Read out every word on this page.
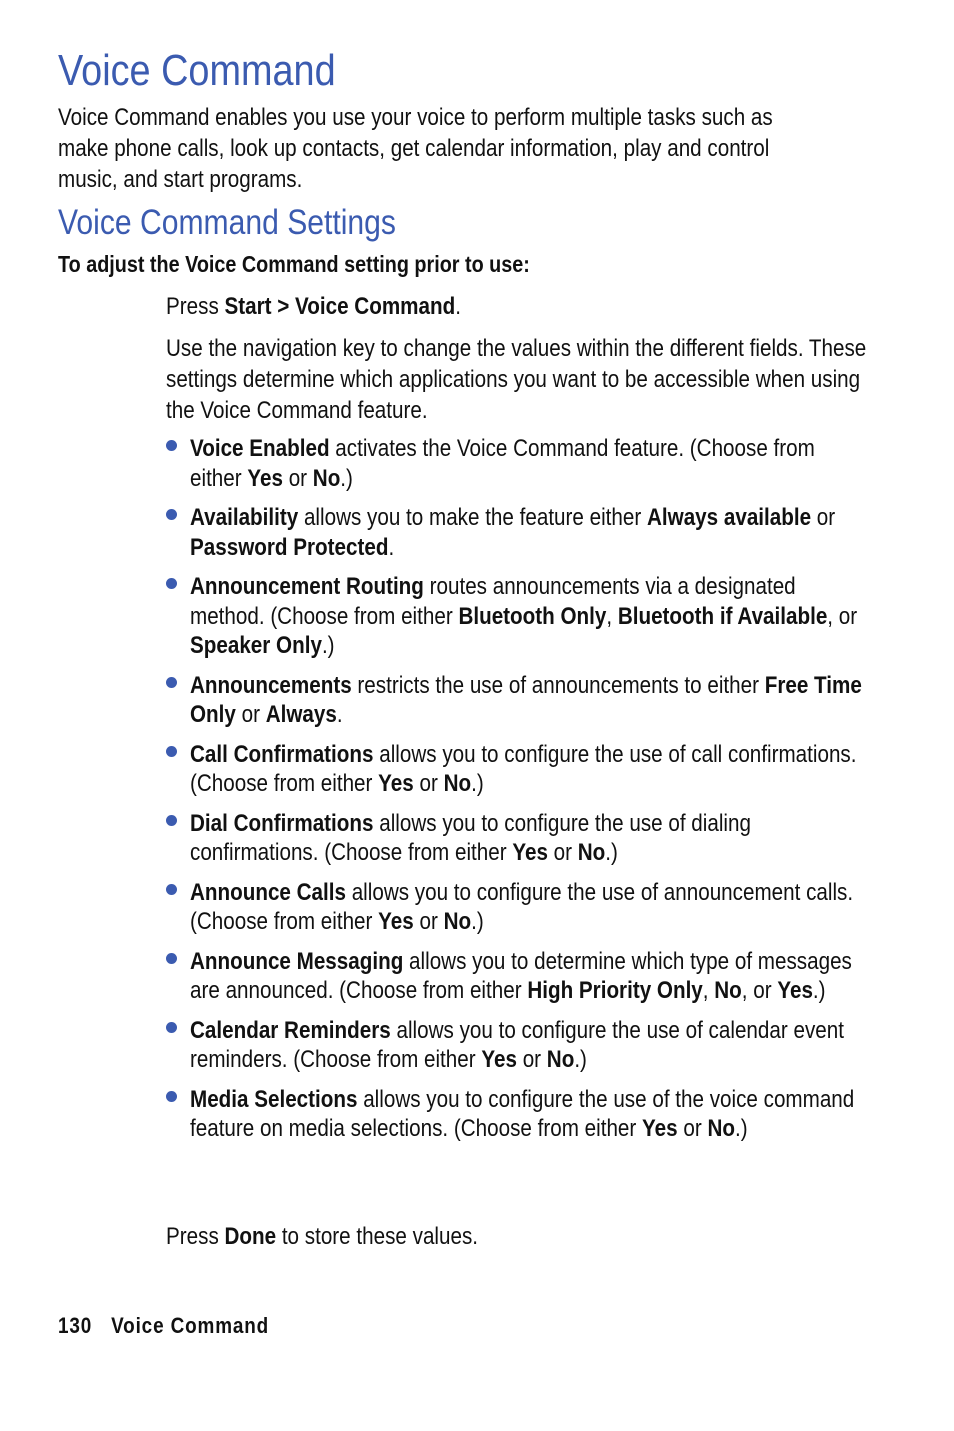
Voice Command

Voice Command enables you use your voice to perform multiple tasks such as make phone calls, look up contacts, get calendar information, play and control music, and start programs.

Voice Command Settings
To adjust the Voice Command setting prior to use:

Press Start > Voice Command.

Use the navigation key to change the values within the different fields. These settings determine which applications you want to be accessible when using the Voice Command feature.

Voice Enabled activates the Voice Command feature. (Choose from either Yes or No.)
Availability allows you to make the feature either Always available or Password Protected.
Announcement Routing routes announcements via a designated method. (Choose from either Bluetooth Only, Bluetooth if Available, or Speaker Only.)
Announcements restricts the use of announcements to either Free Time Only or Always.
Call Confirmations allows you to configure the use of call confirmations. (Choose from either Yes or No.)
Dial Confirmations allows you to configure the use of dialing confirmations. (Choose from either Yes or No.)
Announce Calls allows you to configure the use of announcement calls. (Choose from either Yes or No.)
Announce Messaging allows you to determine which type of messages are announced. (Choose from either High Priority Only, No, or Yes.)
Calendar Reminders allows you to configure the use of calendar event reminders. (Choose from either Yes or No.)
Media Selections allows you to configure the use of the voice command feature on media selections. (Choose from either Yes or No.)

Press Done to store these values.

130 Voice Command
